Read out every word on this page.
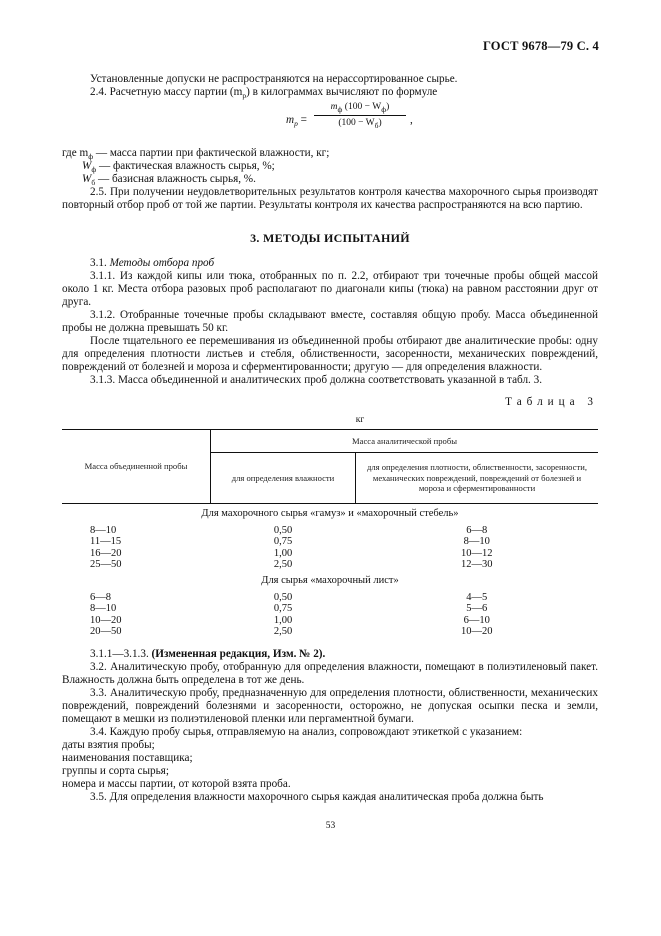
ГОСТ 9678—79 С. 4

Установленные допуски не распространяются на нерассортированное сырье.

2.4. Расчетную массу партии $(m_р)$ в килограммах вычисляют по формуле

$m_р$ =
$m_ф$ $(100 - W_ф)$
$(100 - W_б)$	,
где $m_ф$ — масса партии при фактической влажности, кг;
$W_ф$ — фактическая влажность сырья, %;
$W_б$ — базисная влажность сырья, %.

2.5. При получении неудовлетворительных результатов контроля качества махорочного сырья производят повторный отбор проб от той же партии. Результаты контроля их качества распространяются на всю партию.

3. МЕТОДЫ ИСПЫТАНИЙ

3.1. Методы отбора проб

3.1.1. Из каждой кипы или тюка, отобранных по п. 2.2, отбирают три точечные пробы общей массой около 1 кг. Места отбора разовых проб располагают по диагонали кипы (тюка) на равном расстоянии друг от друга.

3.1.2. Отобранные точечные пробы складывают вместе, составляя общую пробу. Масса объединенной пробы не должна превышать 50 кг.

После тщательного ее перемешивания из объединенной пробы отбирают две аналитические пробы: одну для определения плотности листьев и стебля, облиственности, засоренности, механических повреждений, повреждений от болезней и мороза и сферментированности; другую — для определения влажности.

3.1.3. Масса объединенной и аналитических проб должна соответствовать указанной в табл. 3.

Таблица 3
кг
Масса объединенной пробы	Масса аналитической пробы	
	для определения влажности	для определения плотности, облиственности, засоренности, механических повреждений, повреждений от болезней и мороза и сферментированности
Для махорочного сырья «гамуз» и «махорочный стебель»		
8—10	0,50	6—8
11—15	0,75	8—10
16—20	1,00	10—12
25—50	2,50	12—30
Для сырья «махорочный лист»		
6—8	0,50	4—5
8—10	0,75	5—6
10—20	1,00	6—10
20—50	2,50	10—20

3.1.1—3.1.3. (Измененная редакция, Изм. № 2).

3.2. Аналитическую пробу, отобранную для определения влажности, помещают в полиэтиленовый пакет. Влажность должна быть определена в тот же день.

3.3. Аналитическую пробу, предназначенную для определения плотности, облиственности, механических повреждений, повреждений болезнями и засоренности, осторожно, не допуская осыпки песка и земли, помещают в мешки из полиэтиленовой пленки или пергаментной бумаги.

3.4. Каждую пробу сырья, отправляемую на анализ, сопровождают этикеткой с указанием:

даты взятия пробы;

наименования поставщика;

группы и сорта сырья;

номера и массы партии, от которой взята проба.

3.5. Для определения влажности махорочного сырья каждая аналитическая проба должна быть

53
